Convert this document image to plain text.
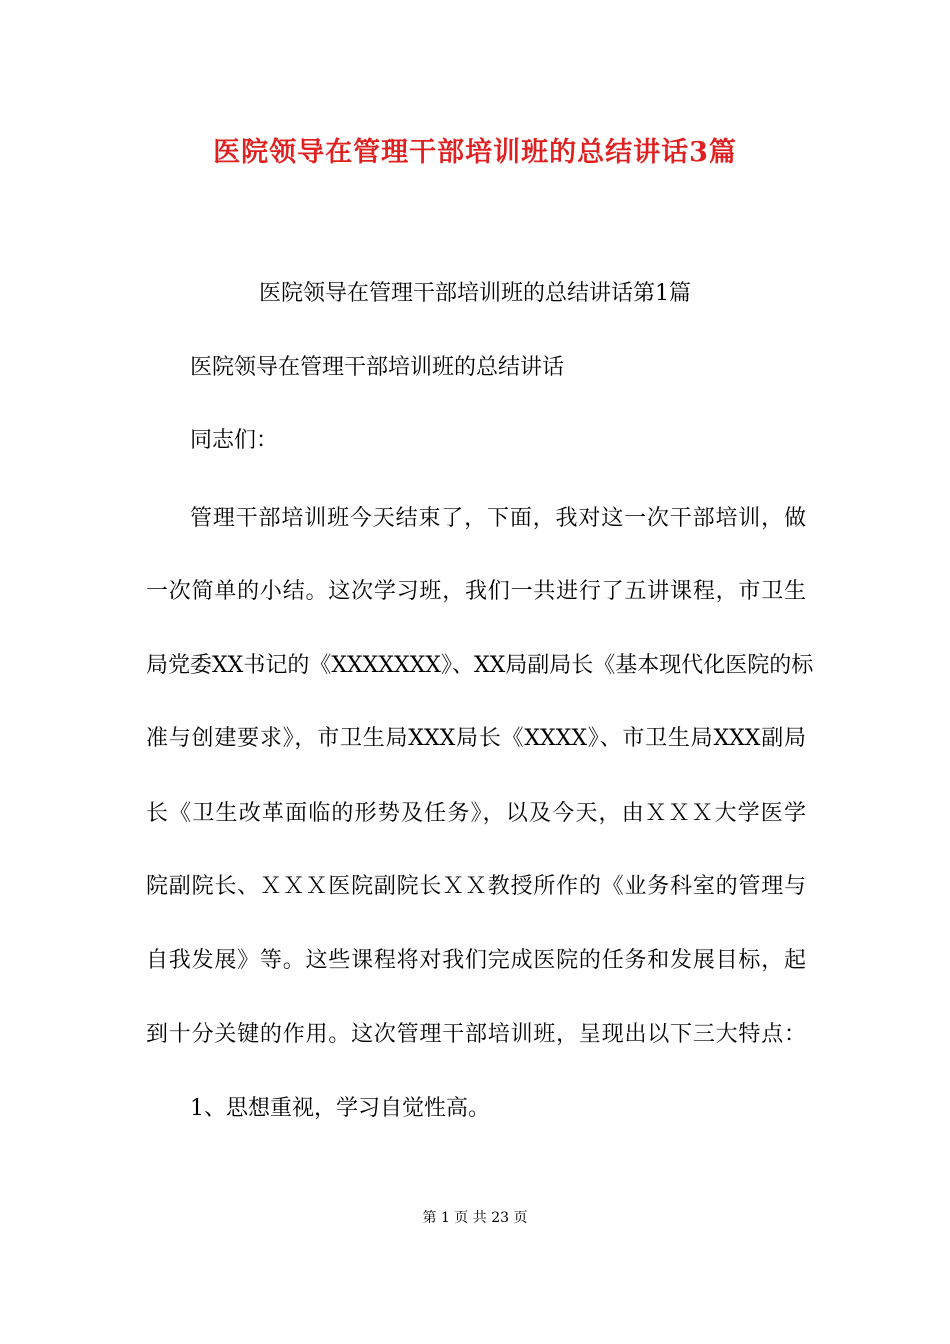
医院领导在管理干部培训班的总结讲话3篇

医院领导在管理干部培训班的总结讲话第1篇

医院领导在管理干部培训班的总结讲话

同志们：

管理干部培训班今天结束了，下面，我对这一次干部培训，做

一次简单的小结。这次学习班，我们一共进行了五讲课程，市卫生

局党委XX书记的《XXXXXXX》、XX局副局长《基本现代化医院的标

准与创建要求》，市卫生局XXX局长《XXXX》、市卫生局XXX副局

长《卫生改革面临的形势及任务》，以及今天，由ＸＸＸ大学医学

院副院长、ＸＸＸ医院副院长ＸＸ教授所作的《业务科室的管理与

自我发展》等。这些课程将对我们完成医院的任务和发展目标，起

到十分关键的作用。这次管理干部培训班，呈现出以下三大特点：

1、思想重视，学习自觉性高。

第 1 页 共 23 页
